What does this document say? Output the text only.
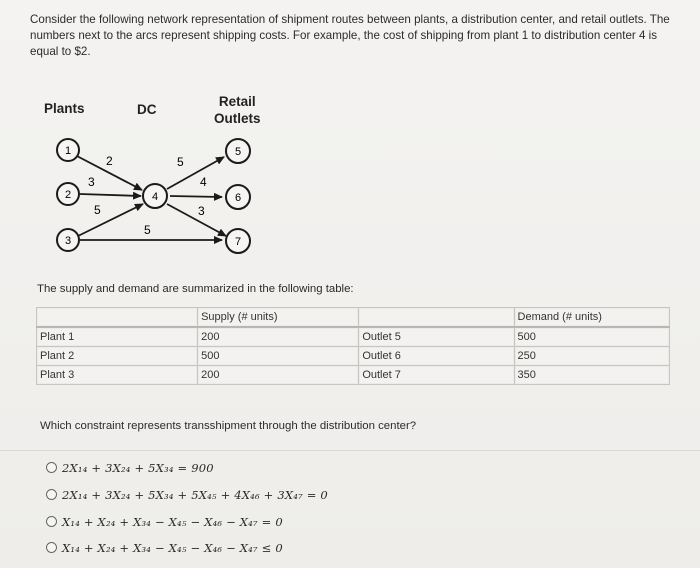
Consider the following network representation of shipment routes between plants, a distribution center, and retail outlets. The numbers next to the arcs represent shipping costs. For example, the cost of shipping from plant 1 to distribution center 4 is equal to $2.
Plants	DC
Retail
Outlets
1
2
3
4
5
6
7
2
3
5
5
4
3
5
The supply and demand are summarized in the following table:
	Supply (# units)		Demand (# units)
Plant 1	200	Outlet 5	500
Plant 2	500	Outlet 6	250
Plant 3	200	Outlet 7	350
Which constraint represents transshipment through the distribution center?
2X₁₄ + 3X₂₄ + 5X₃₄ = 900
2X₁₄ + 3X₂₄ + 5X₃₄ + 5X₄₅ + 4X₄₆ + 3X₄₇ = 0
X₁₄ + X₂₄ + X₃₄ − X₄₅ − X₄₆ − X₄₇ = 0
X₁₄ + X₂₄ + X₃₄ − X₄₅ − X₄₆ − X₄₇ ≤ 0
